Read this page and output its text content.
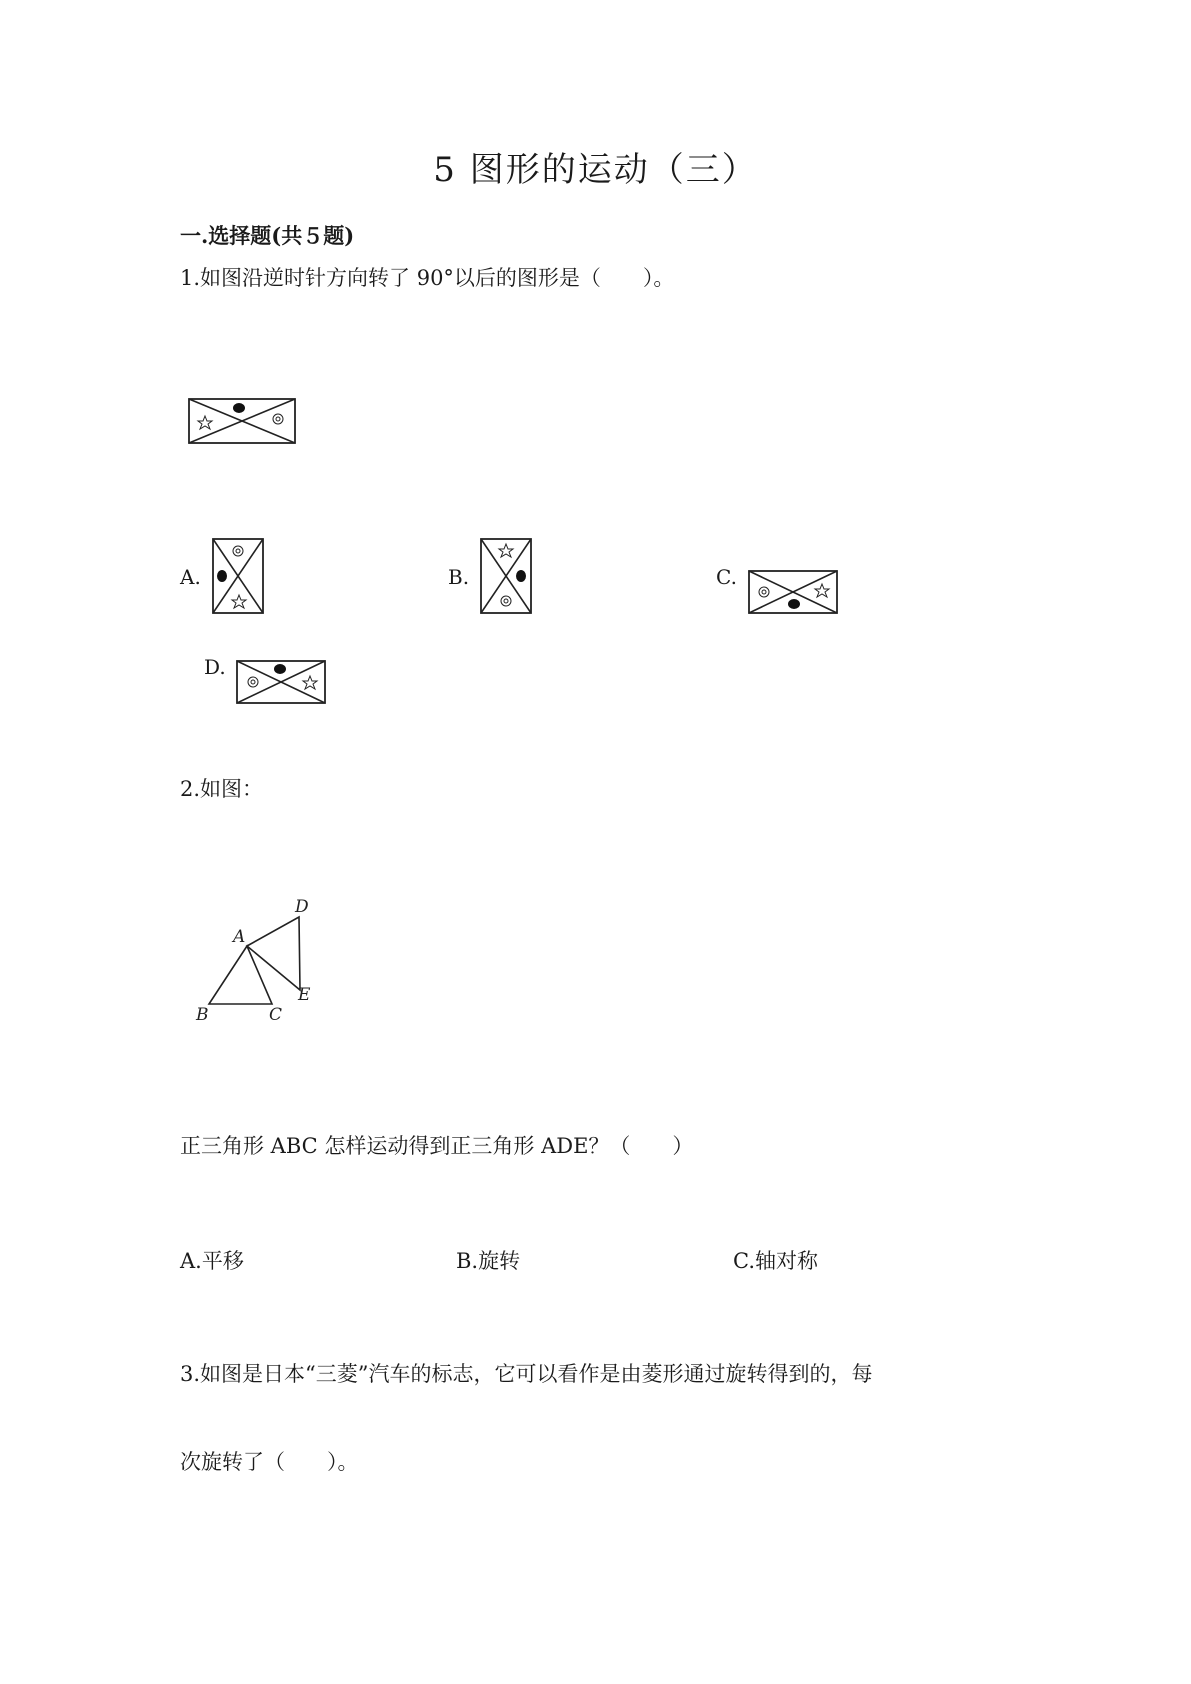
5 图形的运动（三）
一.选择题(共５题)
1.如图沿逆时针方向转了 90°以后的图形是（　　）。
A.	B.	C.
D.
2.如图：
A
D
E
B	C
正三角形 ABC 怎样运动得到正三角形 ADE？（　　）
A.平移	B.旋转	C.轴对称
3.如图是日本“三菱”汽车的标志，它可以看作是由菱形通过旋转得到的，每
次旋转了（　　）。
